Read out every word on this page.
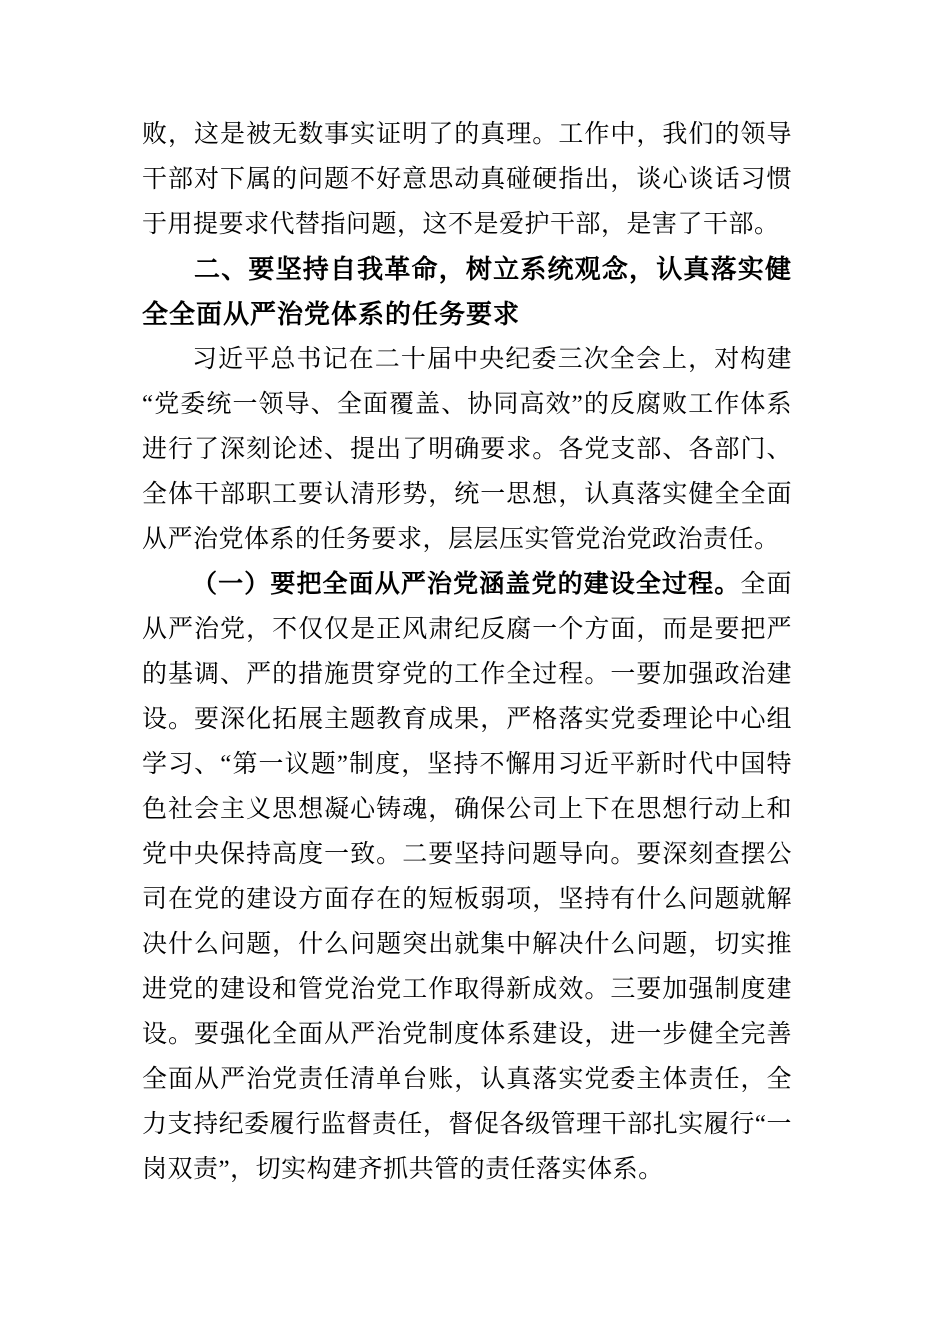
败，这是被无数事实证明了的真理。工作中，我们的领导干部对下属的问题不好意思动真碰硬指出，谈心谈话习惯于用提要求代替指问题，这不是爱护干部，是害了干部。

二、要坚持自我革命，树立系统观念，认真落实健全全面从严治党体系的任务要求

习近平总书记在二十届中央纪委三次全会上，对构建“党委统一领导、全面覆盖、协同高效”的反腐败工作体系进行了深刻论述、提出了明确要求。各党支部、各部门、全体干部职工要认清形势，统一思想，认真落实健全全面从严治党体系的任务要求，层层压实管党治党政治责任。

（一）要把全面从严治党涵盖党的建设全过程。全面从严治党，不仅仅是正风肃纪反腐一个方面，而是要把严的基调、严的措施贯穿党的工作全过程。一要加强政治建设。要深化拓展主题教育成果，严格落实党委理论中心组学习、“第一议题”制度，坚持不懈用习近平新时代中国特色社会主义思想凝心铸魂，确保公司上下在思想行动上和党中央保持高度一致。二要坚持问题导向。要深刻查摆公司在党的建设方面存在的短板弱项，坚持有什么问题就解决什么问题，什么问题突出就集中解决什么问题，切实推进党的建设和管党治党工作取得新成效。三要加强制度建设。要强化全面从严治党制度体系建设，进一步健全完善全面从严治党责任清单台账，认真落实党委主体责任，全力支持纪委履行监督责任，督促各级管理干部扎实履行“一岗双责”，切实构建齐抓共管的责任落实体系。
